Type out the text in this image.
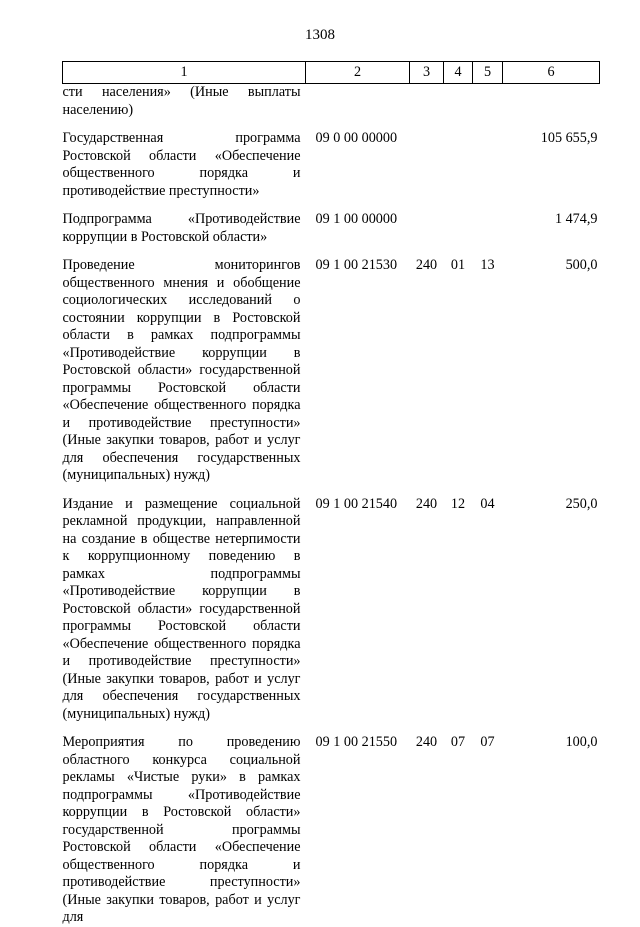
1308
1	2	3	4	5	6
сти населения» (Иные выплаты населению)					
Государственная программа Ростовской области «Обеспечение общественного порядка и противодействие преступности»	09 0 00 00000				105 655,9
Подпрограмма «Противодействие коррупции в Ростовской области»	09 1 00 00000				1 474,9
Проведение мониторингов общественного мнения и обобщение социологических исследований о состоянии коррупции в Ростовской области в рамках подпрограммы «Противодействие коррупции в Ростовской области» государственной программы Ростовской области «Обеспечение общественного порядка и противодействие преступности» (Иные закупки товаров, работ и услуг для обеспечения государственных (муниципальных) нужд)	09 1 00 21530	240	01	13	500,0
Издание и размещение социальной рекламной продукции, направленной на создание в обществе нетерпимости к коррупционному поведению в рамках подпрограммы «Противодействие коррупции в Ростовской области» государственной программы Ростовской области «Обеспечение общественного порядка и противодействие преступности» (Иные закупки товаров, работ и услуг для обеспечения государственных (муниципальных) нужд)	09 1 00 21540	240	12	04	250,0
Мероприятия по проведению областного конкурса социальной рекламы «Чистые руки» в рамках подпрограммы «Противодействие коррупции в Ростовской области» государственной программы Ростовской области «Обеспечение общественного порядка и противодействие преступности» (Иные закупки товаров, работ и услуг для	09 1 00 21550	240	07	07	100,0
